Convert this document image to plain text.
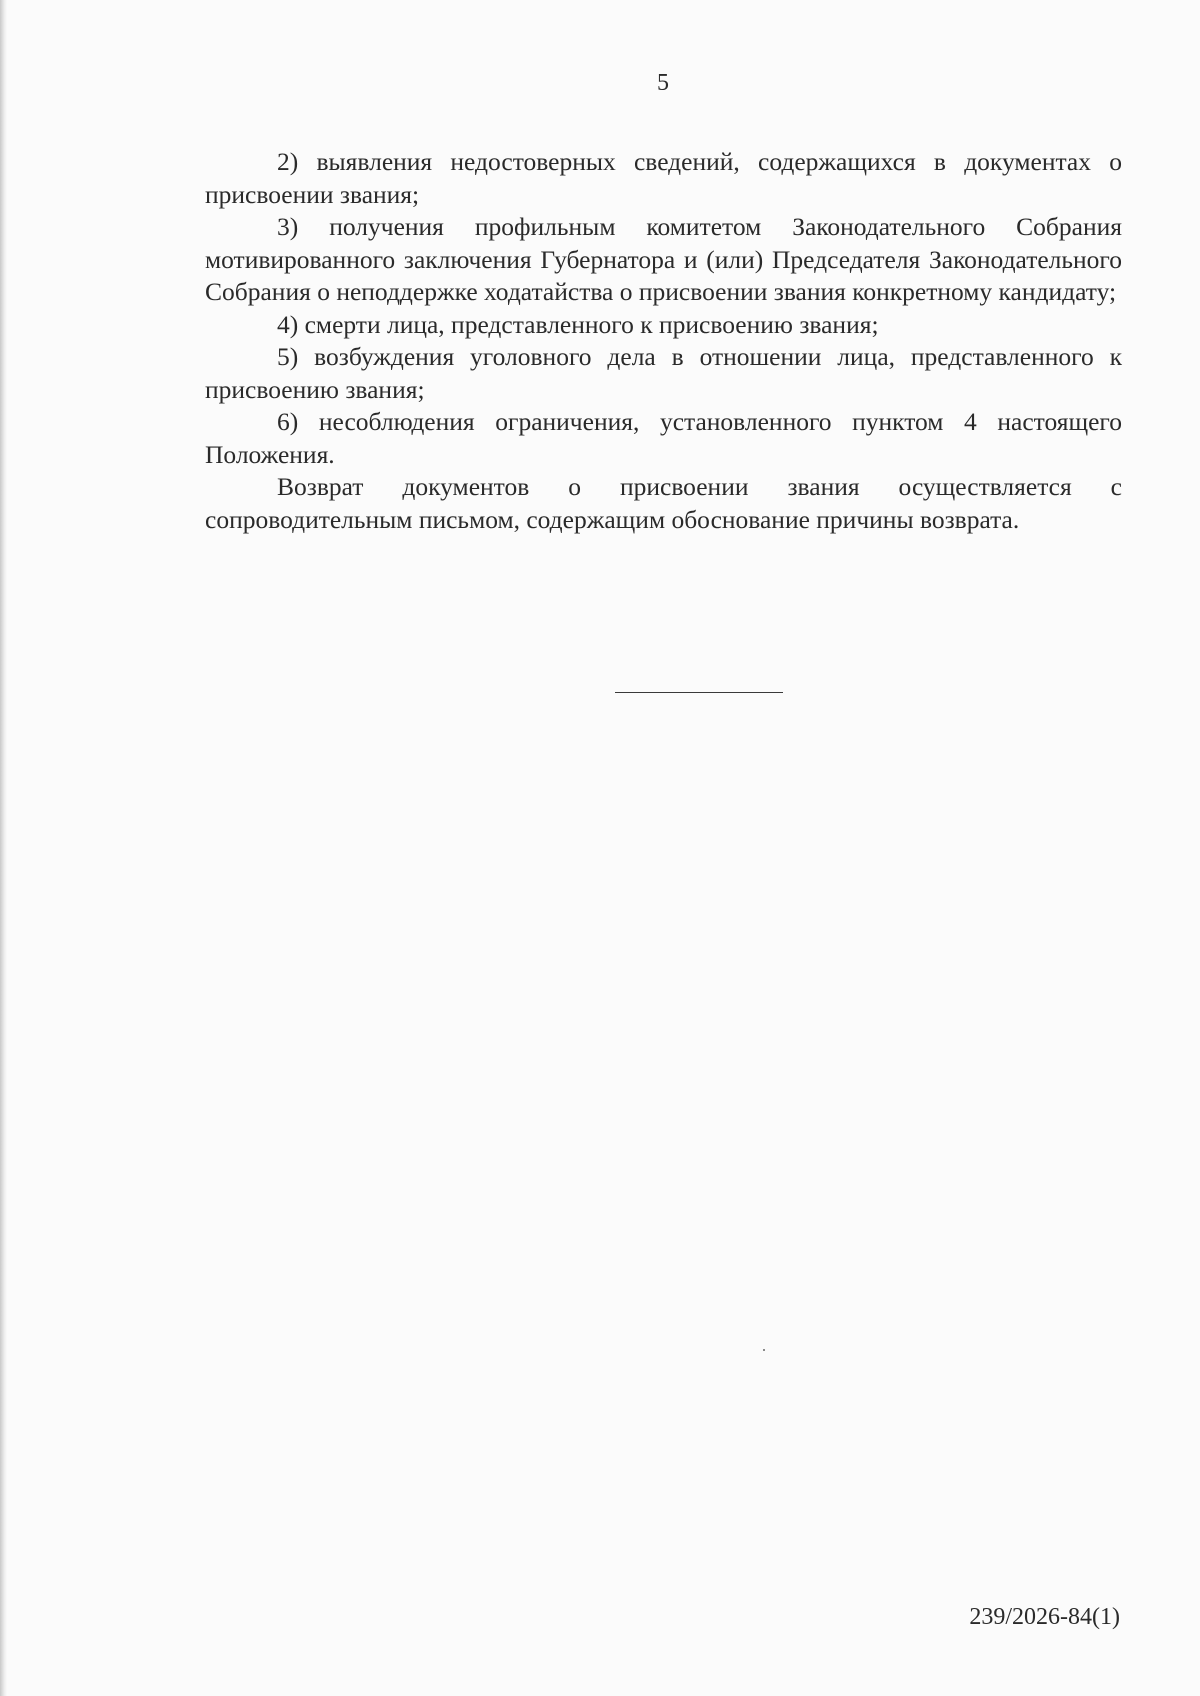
5

2) выявления недостоверных сведений, содержащихся в документах о присвоении звания;

3) получения профильным комитетом Законодательного Собрания мотивированного заключения Губернатора и (или) Председателя Законодательного Собрания о неподдержке ходатайства о присвоении звания конкретному кандидату;

4) смерти лица, представленного к присвоению звания;

5) возбуждения уголовного дела в отношении лица, представленного к присвоению звания;

6) несоблюдения ограничения, установленного пунктом 4 настоящего Положения.

Возврат документов о присвоении звания осуществляется с сопроводительным письмом, содержащим обоснование причины возврата.

239/2026-84(1)
